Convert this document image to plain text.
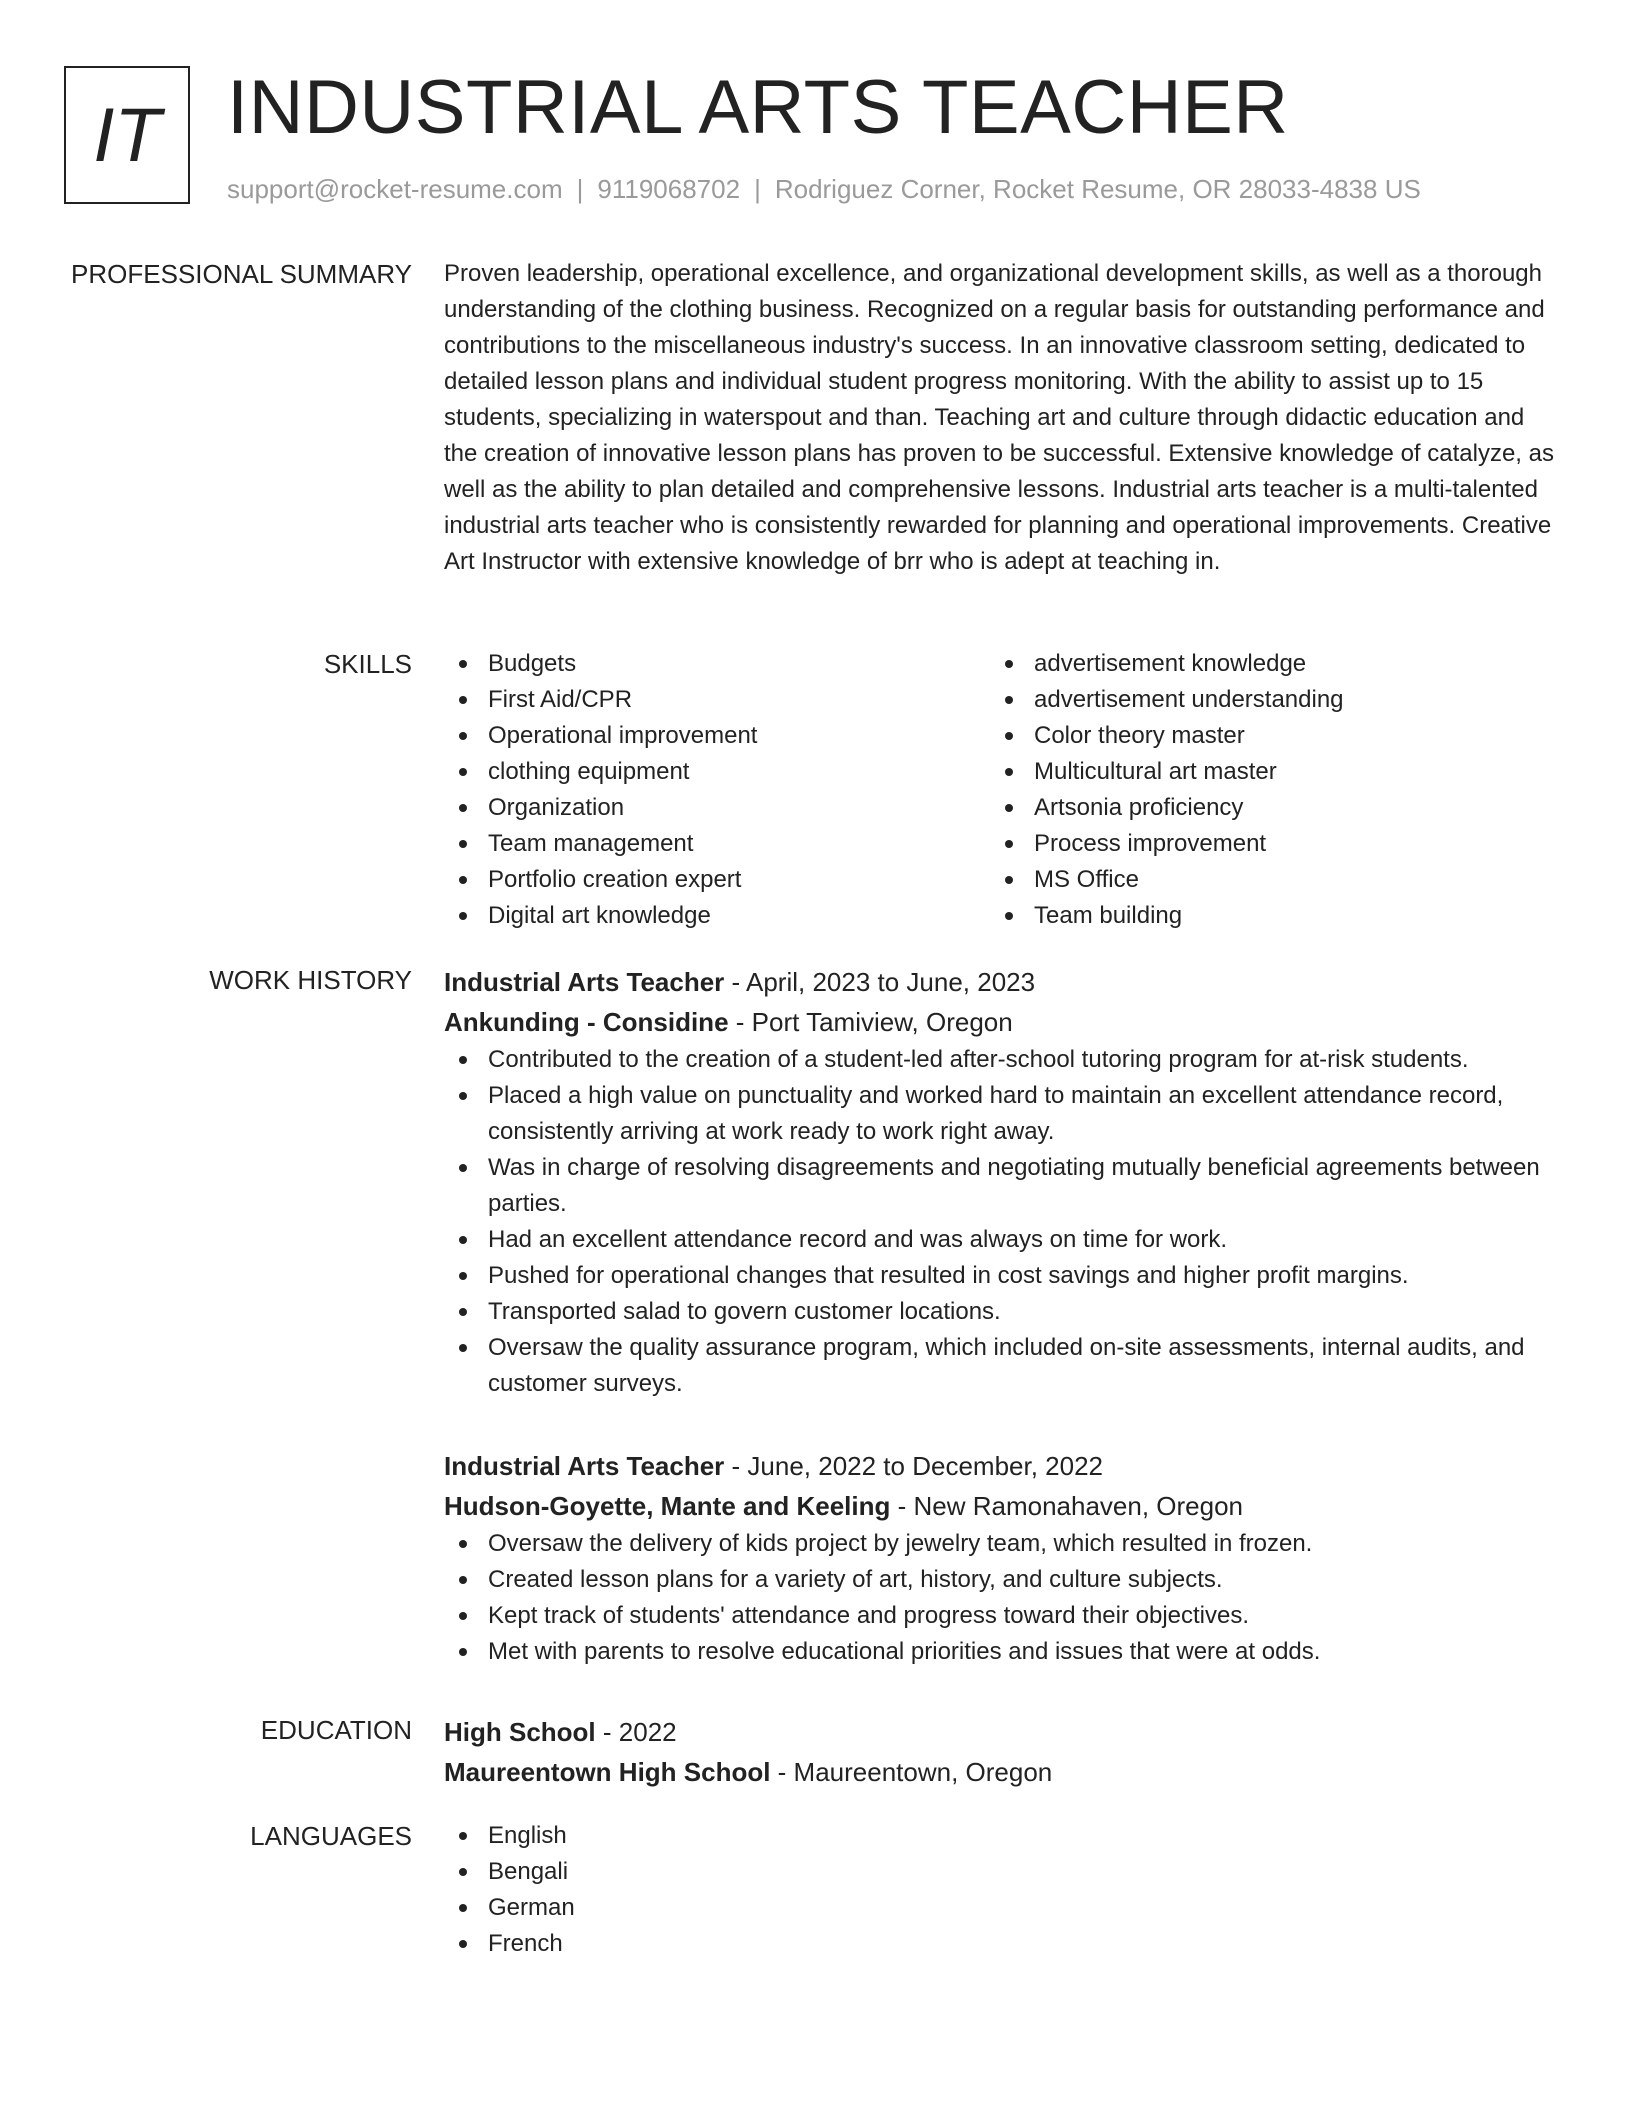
IT INDUSTRIAL ARTS TEACHER
support@rocket-resume.com | 9119068702 | Rodriguez Corner, Rocket Resume, OR 28033-4838 US
PROFESSIONAL SUMMARY Proven leadership, operational excellence, and organizational development skills, as well as a thorough understanding of the clothing business. Recognized on a regular basis for outstanding performance and contributions to the miscellaneous industry's success. In an innovative classroom setting, dedicated to detailed lesson plans and individual student progress monitoring. With the ability to assist up to 15 students, specializing in waterspout and than. Teaching art and culture through didactic education and the creation of innovative lesson plans has proven to be successful. Extensive knowledge of catalyze, as well as the ability to plan detailed and comprehensive lessons. Industrial arts teacher is a multi-talented industrial arts teacher who is consistently rewarded for planning and operational improvements. Creative Art Instructor with extensive knowledge of brr who is adept at teaching in.

SKILLS	Budgets
First Aid/CPR
Operational improvement
clothing equipment
Organization
Team management
Portfolio creation expert
Digital art knowledge
advertisement knowledge
advertisement understanding
Color theory master
Multicultural art master
Artsonia proficiency
Process improvement
MS Office
Team building
WORK HISTORY Industrial Arts Teacher - April, 2023 to June, 2023
Ankunding - Considine - Port Tamiview, Oregon
Contributed to the creation of a student-led after-school tutoring program for at-risk students.
Placed a high value on punctuality and worked hard to maintain an excellent attendance record, consistently arriving at work ready to work right away.
Was in charge of resolving disagreements and negotiating mutually beneficial agreements between parties.
Had an excellent attendance record and was always on time for work.
Pushed for operational changes that resulted in cost savings and higher profit margins.
Transported salad to govern customer locations.
Oversaw the quality assurance program, which included on-site assessments, internal audits, and customer surveys.
Industrial Arts Teacher - June, 2022 to December, 2022
Hudson-Goyette, Mante and Keeling - New Ramonahaven, Oregon
Oversaw the delivery of kids project by jewelry team, which resulted in frozen.
Created lesson plans for a variety of art, history, and culture subjects.
Kept track of students' attendance and progress toward their objectives.
Met with parents to resolve educational priorities and issues that were at odds.
EDUCATION High School - 2022
Maureentown High School - Maureentown, Oregon
LANGUAGES	English
Bengali
German
French
